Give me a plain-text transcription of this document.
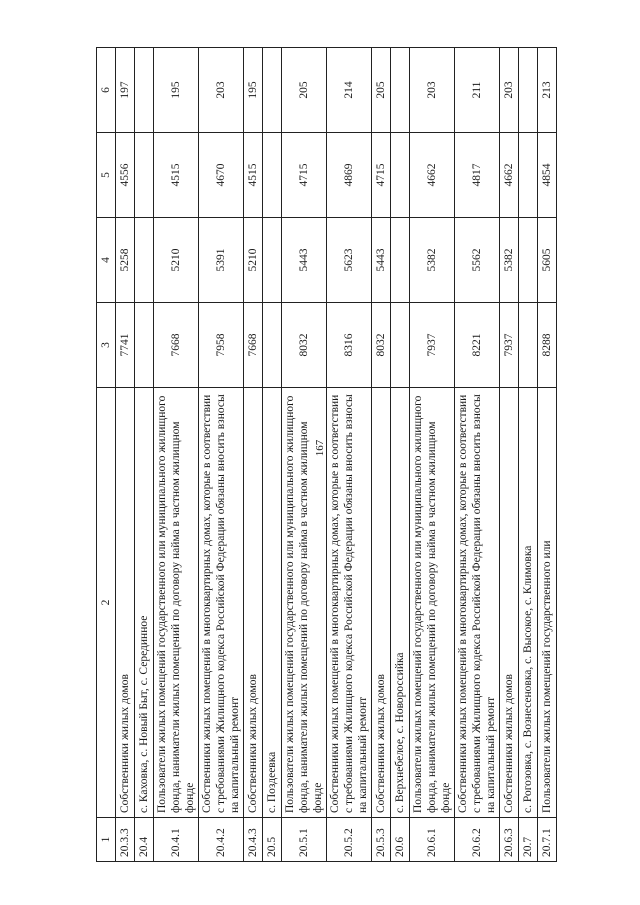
167
1	2	3	4	5	6
20.3.3	Собственники жилых домов	7741	5258	4556	197
20.4	с. Каховка, с. Новый Быт, с. Серединное				
20.4.1	Пользователи жилых помещений государственного или муниципального жилищного фонда, наниматели жилых помещений по договору найма в частном жилищном фонде	7668	5210	4515	195
20.4.2	Собственники жилых помещений в многоквартирных домах, которые в соответствии с требованиями Жилищного кодекса Российской Федерации обязаны вносить взносы на капитальный ремонт	7958	5391	4670	203
20.4.3	Собственники жилых домов	7668	5210	4515	195
20.5	с. Поздеевка				
20.5.1	Пользователи жилых помещений государственного или муниципального жилищного фонда, наниматели жилых помещений по договору найма в частном жилищном фонде	8032	5443	4715	205
20.5.2	Собственники жилых помещений в многоквартирных домах, которые в соответствии с требованиями Жилищного кодекса Российской Федерации обязаны вносить взносы на капитальный ремонт	8316	5623	4869	214
20.5.3	Собственники жилых домов	8032	5443	4715	205
20.6	с. Верхнебелое, с. Новороссийка				
20.6.1	Пользователи жилых помещений государственного или муниципального жилищного фонда, наниматели жилых помещений по договору найма в частном жилищном фонде	7937	5382	4662	203
20.6.2	Собственники жилых помещений в многоквартирных домах, которые в соответствии с требованиями Жилищного кодекса Российской Федерации обязаны вносить взносы на капитальный ремонт	8221	5562	4817	211
20.6.3	Собственники жилых домов	7937	5382	4662	203
20.7	с. Рогозовка, с. Вознесеновка, с. Высокое, с. Климовка				
20.7.1	Пользователи жилых помещений государственного или	8288	5605	4854	213
